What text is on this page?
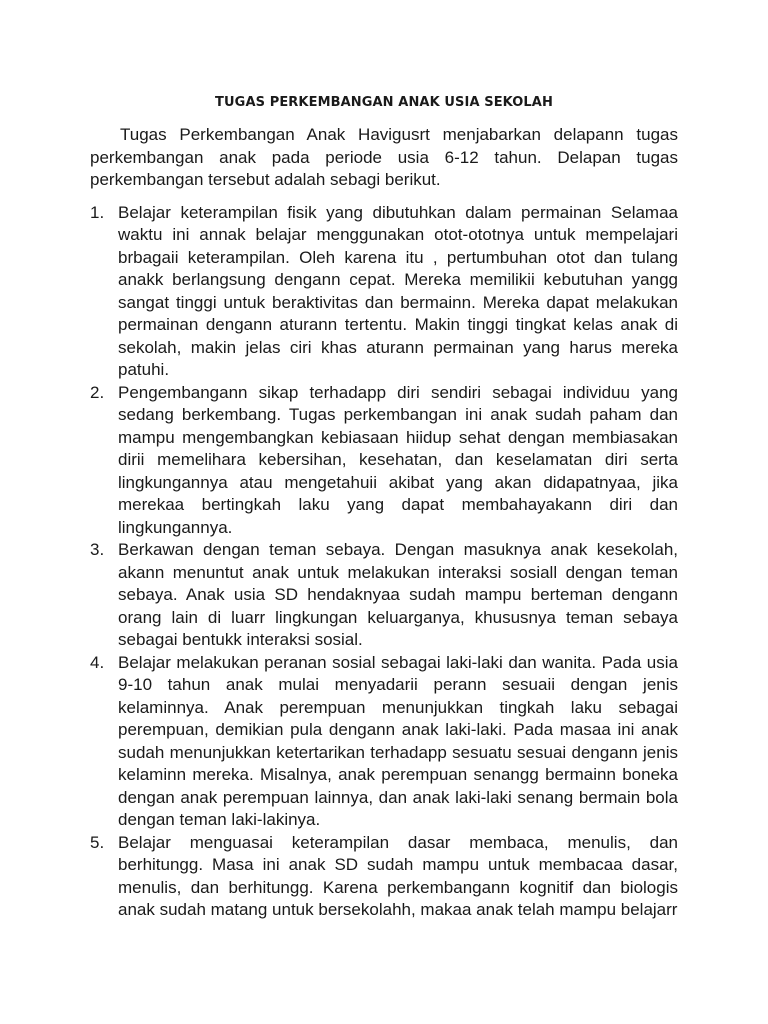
TUGAS PERKEMBANGAN ANAK USIA SEKOLAH

Tugas Perkembangan Anak Havigusrt menjabarkan delapann tugas perkembangan anak pada periode usia 6-12 tahun. Delapan tugas perkembangan tersebut adalah sebagi berikut.

1. Belajar keterampilan fisik yang dibutuhkan dalam permainan Selamaa waktu ini annak belajar menggunakan otot-ototnya untuk mempelajari brbagaii keterampilan. Oleh karena itu , pertumbuhan otot dan tulang anakk berlangsung dengann cepat. Mereka memilikii kebutuhan yangg sangat tinggi untuk beraktivitas dan bermainn. Mereka dapat melakukan permainan dengann aturann tertentu. Makin tinggi tingkat kelas anak di sekolah, makin jelas ciri khas aturann permainan yang harus mereka patuhi.
2. Pengembangann sikap terhadapp diri sendiri sebagai individuu yang sedang berkembang. Tugas perkembangan ini anak sudah paham dan mampu mengembangkan kebiasaan hiidup sehat dengan membiasakan dirii memelihara kebersihan, kesehatan, dan keselamatan diri serta lingkungannya atau mengetahuii akibat yang akan didapatnyaa, jika merekaa bertingkah laku yang dapat membahayakann diri dan lingkungannya.
3. Berkawan dengan teman sebaya. Dengan masuknya anak kesekolah, akann menuntut anak untuk melakukan interaksi sosiall dengan teman sebaya. Anak usia SD hendaknyaa sudah mampu berteman dengann orang lain di luarr lingkungan keluarganya, khususnya teman sebaya sebagai bentukk interaksi sosial.
4. Belajar melakukan peranan sosial sebagai laki-laki dan wanita. Pada usia 9-10 tahun anak mulai menyadarii perann sesuaii dengan jenis kelaminnya. Anak perempuan menunjukkan tingkah laku sebagai perempuan, demikian pula dengann anak laki-laki. Pada masaa ini anak sudah menunjukkan ketertarikan terhadapp sesuatu sesuai dengann jenis kelaminn mereka. Misalnya, anak perempuan senangg bermainn boneka dengan anak perempuan lainnya, dan anak laki-laki senang bermain bola dengan teman laki-lakinya.
5. Belajar menguasai keterampilan dasar membaca, menulis, dan berhitungg. Masa ini anak SD sudah mampu untuk membacaa dasar, menulis, dan berhitungg. Karena perkembangann kognitif dan biologis anak sudah matang untuk bersekolahh, makaa anak telah mampu belajarr
